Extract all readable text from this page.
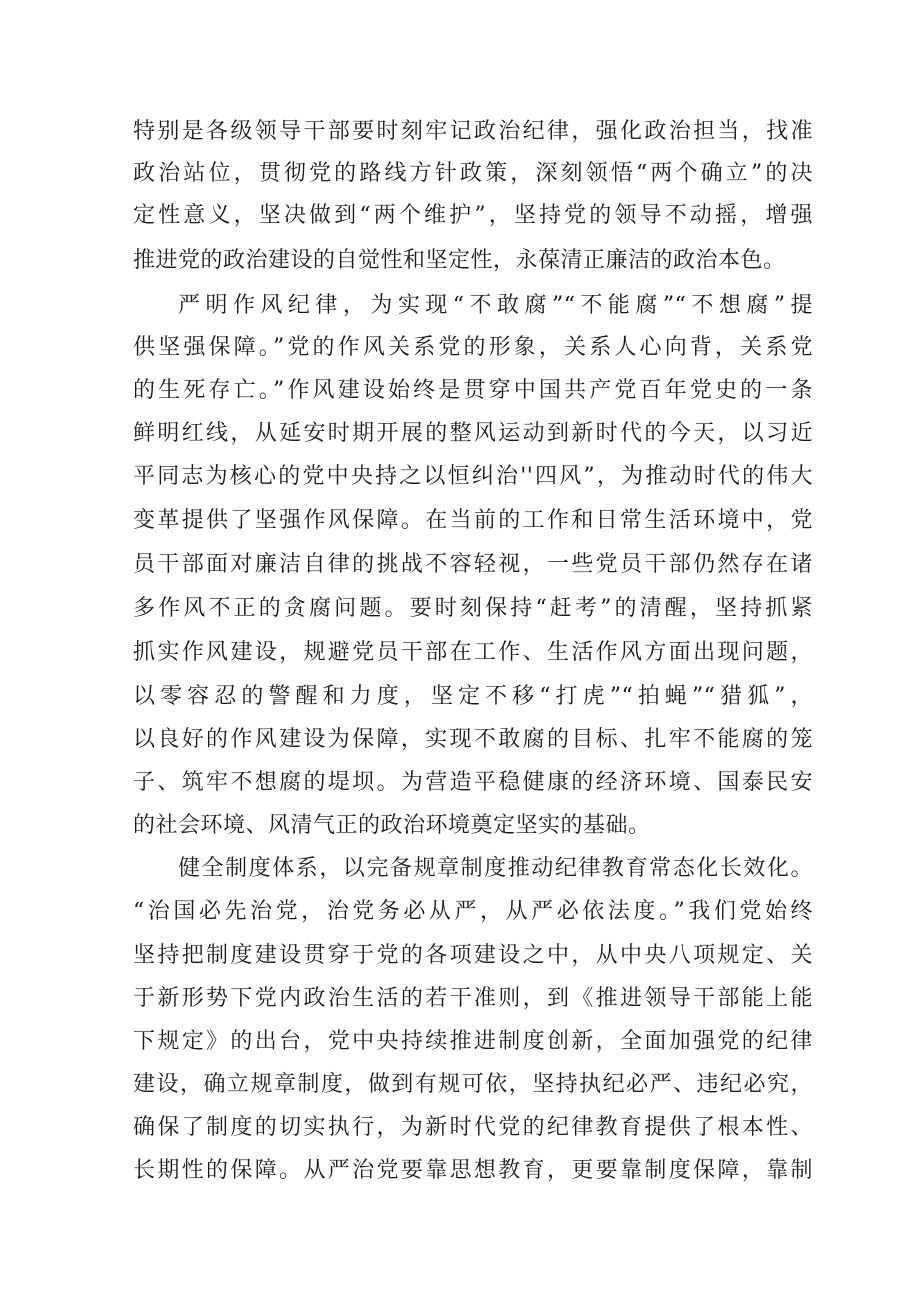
特别是各级领导干部要时刻牢记政治纪律，强化政治担当，找准
政治站位，贯彻党的路线方针政策，深刻领悟“两个确立”的决
定性意义，坚决做到“两个维护”，坚持党的领导不动摇，增强
推进党的政治建设的自觉性和坚定性，永葆清正廉洁的政治本色。
严明作风纪律，为实现“不敢腐”“不能腐”“不想腐”提
供坚强保障。”党的作风关系党的形象，关系人心向背，关系党
的生死存亡。”作风建设始终是贯穿中国共产党百年党史的一条
鲜明红线，从延安时期开展的整风运动到新时代的今天，以习近
平同志为核心的党中央持之以恒纠治''四风”，为推动时代的伟大
变革提供了坚强作风保障。在当前的工作和日常生活环境中，党
员干部面对廉洁自律的挑战不容轻视，一些党员干部仍然存在诸
多作风不正的贪腐问题。要时刻保持“赶考”的清醒，坚持抓紧
抓实作风建设，规避党员干部在工作、生活作风方面出现问题，
以零容忍的警醒和力度，坚定不移“打虎”“拍蝇”“猎狐”，
以良好的作风建设为保障，实现不敢腐的目标、扎牢不能腐的笼
子、筑牢不想腐的堤坝。为营造平稳健康的经济环境、国泰民安
的社会环境、风清气正的政治环境奠定坚实的基础。
健全制度体系，以完备规章制度推动纪律教育常态化长效化。
“治国必先治党，治党务必从严，从严必依法度。”我们党始终
坚持把制度建设贯穿于党的各项建设之中，从中央八项规定、关
于新形势下党内政治生活的若干准则，到《推进领导干部能上能
下规定》的出台，党中央持续推进制度创新，全面加强党的纪律
建设，确立规章制度，做到有规可依，坚持执纪必严、违纪必究，
确保了制度的切实执行，为新时代党的纪律教育提供了根本性、
长期性的保障。从严治党要靠思想教育，更要靠制度保障，靠制
